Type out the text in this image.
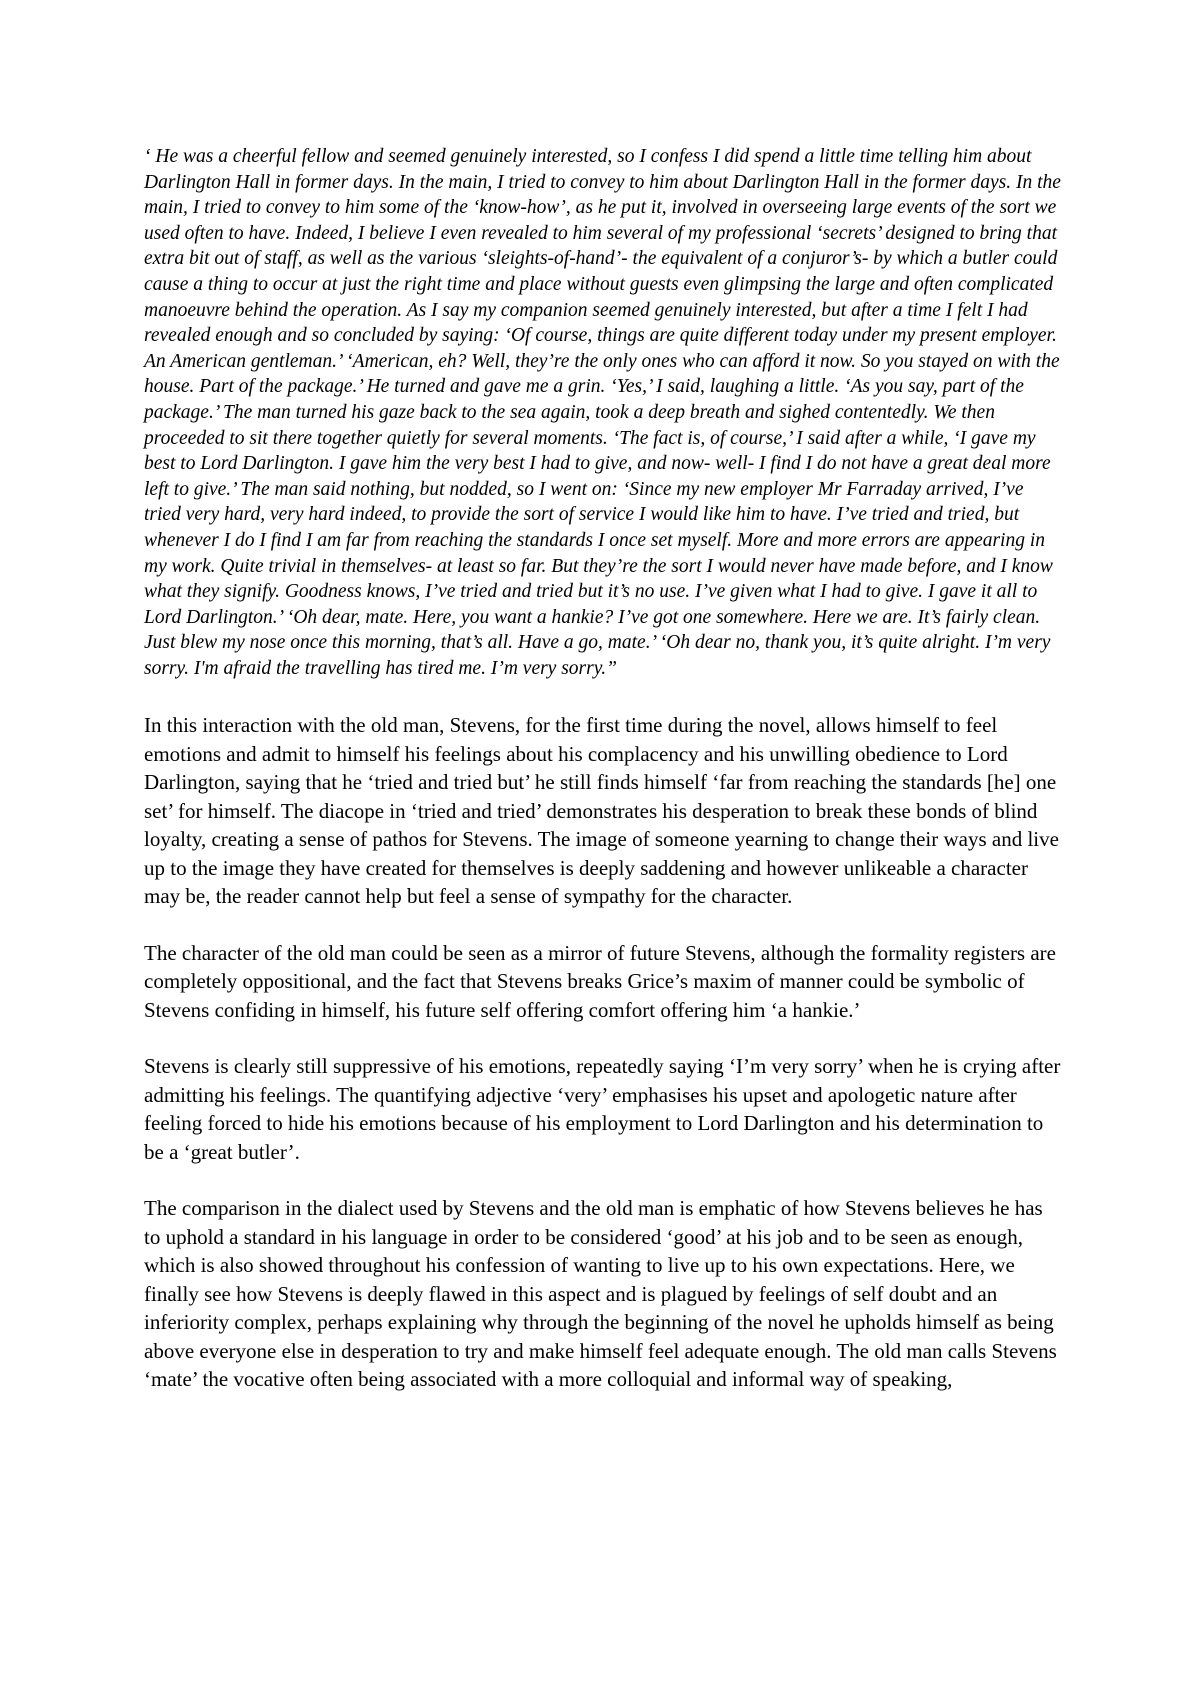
‘ He was a cheerful fellow and seemed genuinely interested, so I confess I did spend a little time telling him about Darlington Hall in former days. In the main, I tried to convey to him about Darlington Hall in the former days. In the main, I tried to convey to him some of the ‘know-how’, as he put it, involved in overseeing large events of the sort we used often to have. Indeed, I believe I even revealed to him several of my professional ‘secrets’ designed to bring that extra bit out of staff, as well as the various ‘sleights-of-hand’- the equivalent of a conjuror’s- by which a butler could cause a thing to occur at just the right time and place without guests even glimpsing the large and often complicated manoeuvre behind the operation. As I say my companion seemed genuinely interested, but after a time I felt I had revealed enough and so concluded by saying: ‘Of course, things are quite different today under my present employer. An American gentleman.’ ‘American, eh? Well, they’re the only ones who can afford it now. So you stayed on with the house. Part of the package.’ He turned and gave me a grin. ‘Yes,’ I said, laughing a little. ‘As you say, part of the package.’ The man turned his gaze back to the sea again, took a deep breath and sighed contentedly. We then proceeded to sit there together quietly for several moments. ‘The fact is, of course,’ I said after a while, ‘I gave my best to Lord Darlington. I gave him the very best I had to give, and now- well- I find I do not have a great deal more left to give.’ The man said nothing, but nodded, so I went on: ‘Since my new employer Mr Farraday arrived, I’ve tried very hard, very hard indeed, to provide the sort of service I would like him to have. I’ve tried and tried, but whenever I do I find I am far from reaching the standards I once set myself. More and more errors are appearing in my work. Quite trivial in themselves- at least so far. But they’re the sort I would never have made before, and I know what they signify. Goodness knows, I’ve tried and tried but it’s no use. I’ve given what I had to give. I gave it all to Lord Darlington.’ ‘Oh dear, mate. Here, you want a hankie? I’ve got one somewhere. Here we are. It’s fairly clean. Just blew my nose once this morning, that’s all. Have a go, mate.’ ‘Oh dear no, thank you, it’s quite alright. I’m very sorry. I'm afraid the travelling has tired me. I’m very sorry.”

In this interaction with the old man, Stevens, for the first time during the novel, allows himself to feel emotions and admit to himself his feelings about his complacency and his unwilling obedience to Lord Darlington, saying that he ‘tried and tried but’ he still finds himself ‘far from reaching the standards [he] one set’ for himself. The diacope in ‘tried and tried’ demonstrates his desperation to break these bonds of blind loyalty, creating a sense of pathos for Stevens. The image of someone yearning to change their ways and live up to the image they have created for themselves is deeply saddening and however unlikeable a character may be, the reader cannot help but feel a sense of sympathy for the character.

The character of the old man could be seen as a mirror of future Stevens, although the formality registers are completely oppositional, and the fact that Stevens breaks Grice’s maxim of manner could be symbolic of Stevens confiding in himself, his future self offering comfort offering him ‘a hankie.’

Stevens is clearly still suppressive of his emotions, repeatedly saying ‘I’m very sorry’ when he is crying after admitting his feelings. The quantifying adjective ‘very’ emphasises his upset and apologetic nature after feeling forced to hide his emotions because of his employment to Lord Darlington and his determination to be a ‘great butler’.

The comparison in the dialect used by Stevens and the old man is emphatic of how Stevens believes he has to uphold a standard in his language in order to be considered ‘good’ at his job and to be seen as enough, which is also showed throughout his confession of wanting to live up to his own expectations. Here, we finally see how Stevens is deeply flawed in this aspect and is plagued by feelings of self doubt and an inferiority complex, perhaps explaining why through the beginning of the novel he upholds himself as being above everyone else in desperation to try and make himself feel adequate enough. The old man calls Stevens ‘mate’ the vocative often being associated with a more colloquial and informal way of speaking,
